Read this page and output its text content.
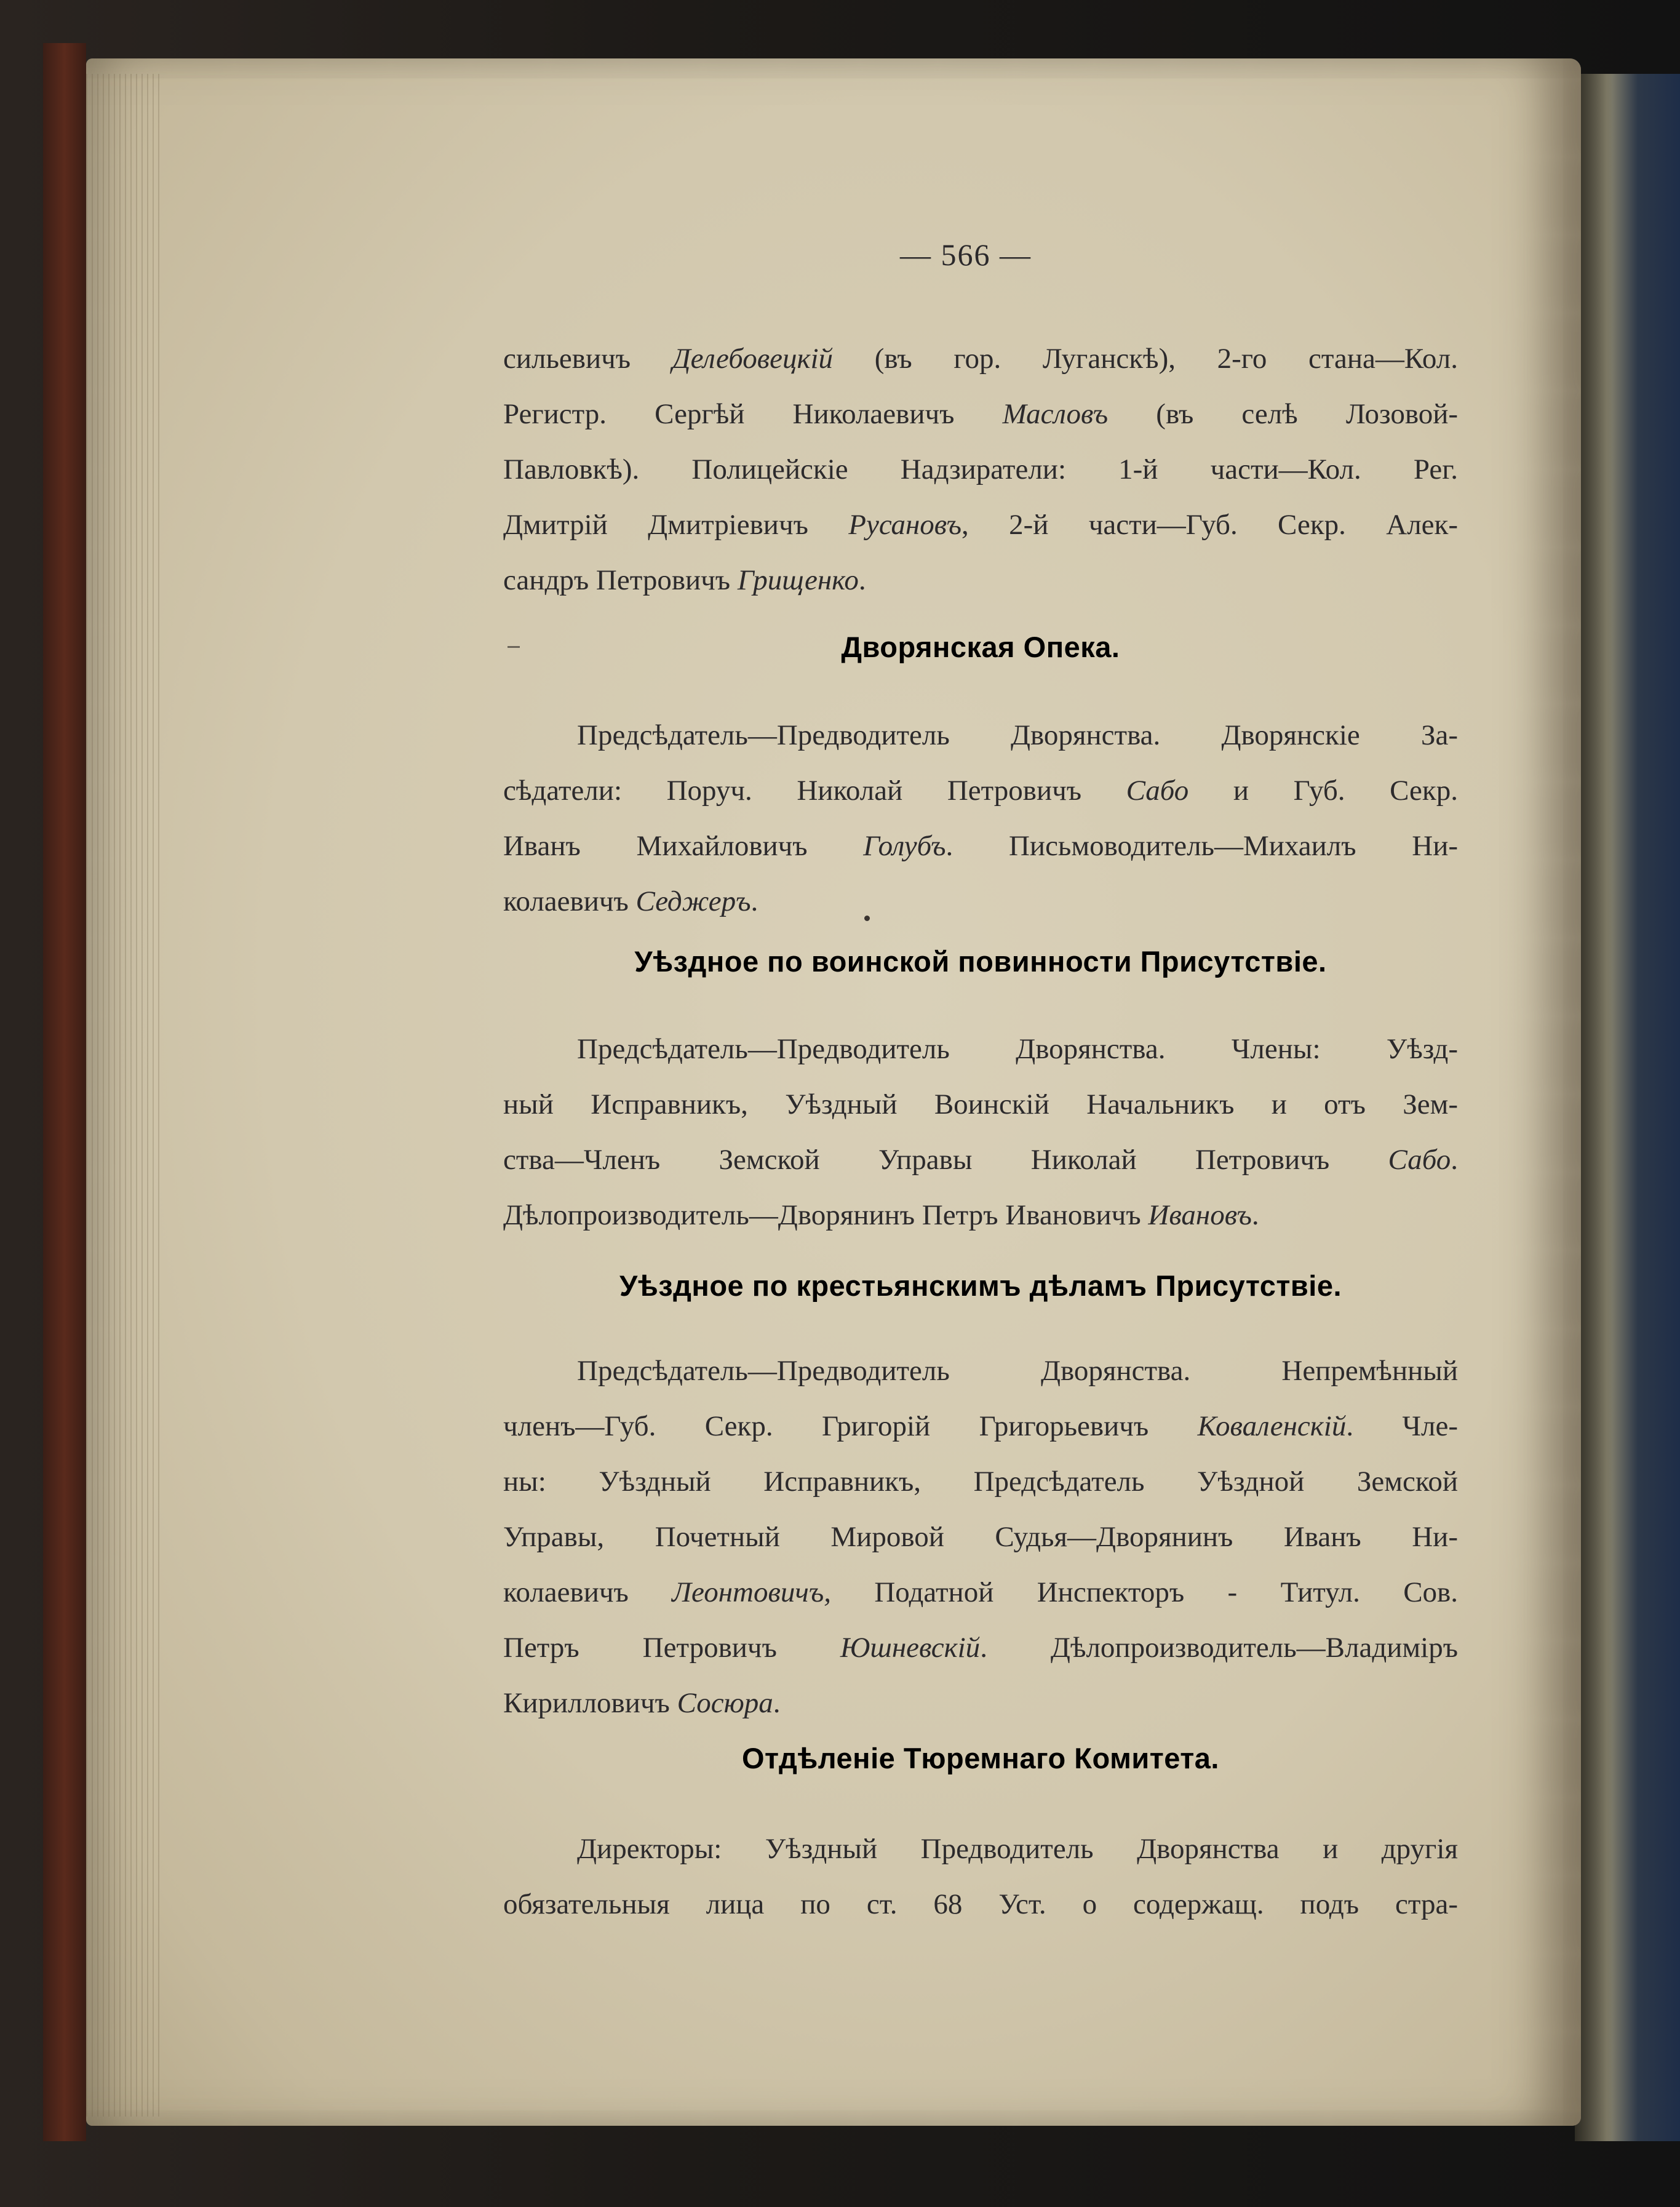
— 566 —

сильевичъ Делебовецкій (въ гор. Луганскѣ), 2-го стана—Кол.

Регистр. Сергѣй Николаевичъ Масловъ (въ селѣ Лозовой-

Павловкѣ). Полицейскіе Надзиратели: 1-й части—Кол. Рег.

Дмитрій Дмитріевичъ Русановъ, 2-й части—Губ. Секр. Алек-

сандръ Петровичъ Грищенко.

Дворянская Опека.

Предсѣдатель—Предводитель Дворянства. Дворянскіе За-

сѣдатели: Поруч. Николай Петровичъ Сабо и Губ. Секр.

Иванъ Михайловичъ Голубъ. Письмоводитель—Михаилъ Ни-

колаевичъ Седжеръ.

Уѣздное по воинской повинности Присутствіе.

Предсѣдатель—Предводитель Дворянства. Члены: Уѣзд-

ный Исправникъ, Уѣздный Воинскій Начальникъ и отъ Зем-

ства—Членъ Земской Управы Николай Петровичъ Сабо.

Дѣлопроизводитель—Дворянинъ Петръ Ивановичъ Ивановъ.

Уѣздное по крестьянскимъ дѣламъ Присутствіе.

Предсѣдатель—Предводитель Дворянства. Непремѣнный

членъ—Губ. Секр. Григорій Григорьевичъ Коваленскій. Чле-

ны: Уѣздный Исправникъ, Предсѣдатель Уѣздной Земской

Управы, Почетный Мировой Судья—Дворянинъ Иванъ Ни-

колаевичъ Леонтовичъ, Податной Инспекторъ - Титул. Сов.

Петръ Петровичъ Юшневскій. Дѣлопроизводитель—Владиміръ

Кирилловичъ Сосюра.

Отдѣленіе Тюремнаго Комитета.

Директоры: Уѣздный Предводитель Дворянства и другія

обязательныя лица по ст. 68 Уст. о содержащ. подъ стра-
